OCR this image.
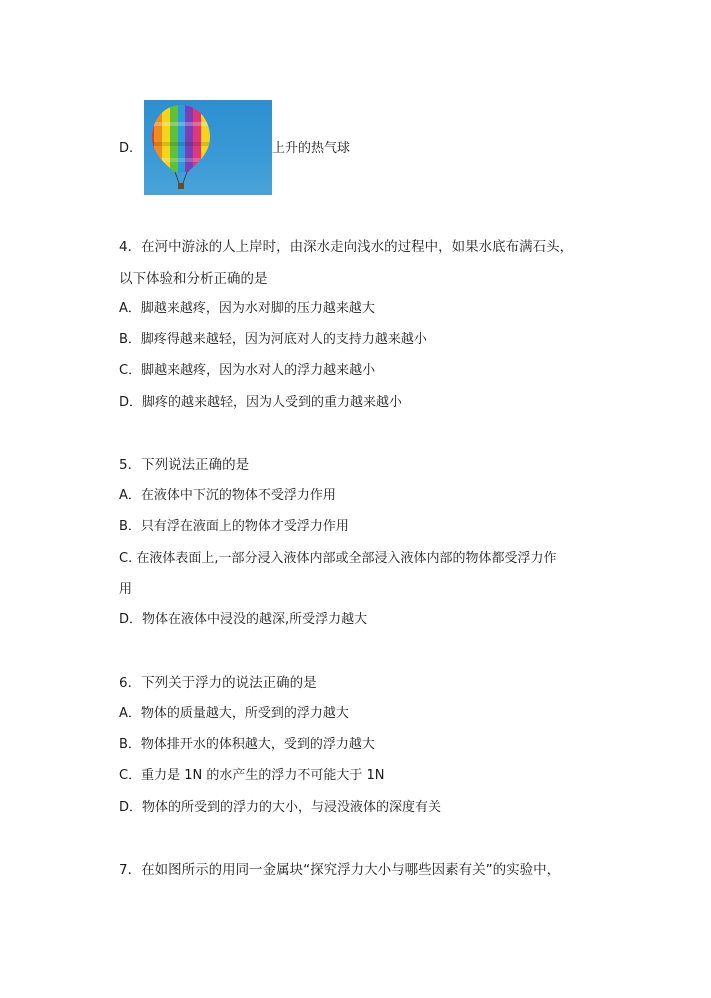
D.	上升的热气球
4．在河中游泳的人上岸时，由深水走向浅水的过程中，如果水底布满石头，
以下体验和分析正确的是
A．脚越来越疼，因为水对脚的压力越来越大
B．脚疼得越来越轻，因为河底对人的支持力越来越小
C．脚越来越疼，因为水对人的浮力越来越小
D．脚疼的越来越轻，因为人受到的重力越来越小
5．下列说法正确的是
A．在液体中下沉的物体不受浮力作用
B．只有浮在液面上的物体才受浮力作用
C. 在液体表面上,一部分浸入液体内部或全部浸入液体内部的物体都受浮力作
用
D．物体在液体中浸没的越深,所受浮力越大
6．下列关于浮力的说法正确的是
A．物体的质量越大，所受到的浮力越大
B．物体排开水的体积越大，受到的浮力越大
C．重力是 1N 的水产生的浮力不可能大于 1N
D．物体的所受到的浮力的大小，与浸没液体的深度有关
7．在如图所示的用同一金属块“探究浮力大小与哪些因素有关”的实验中，
